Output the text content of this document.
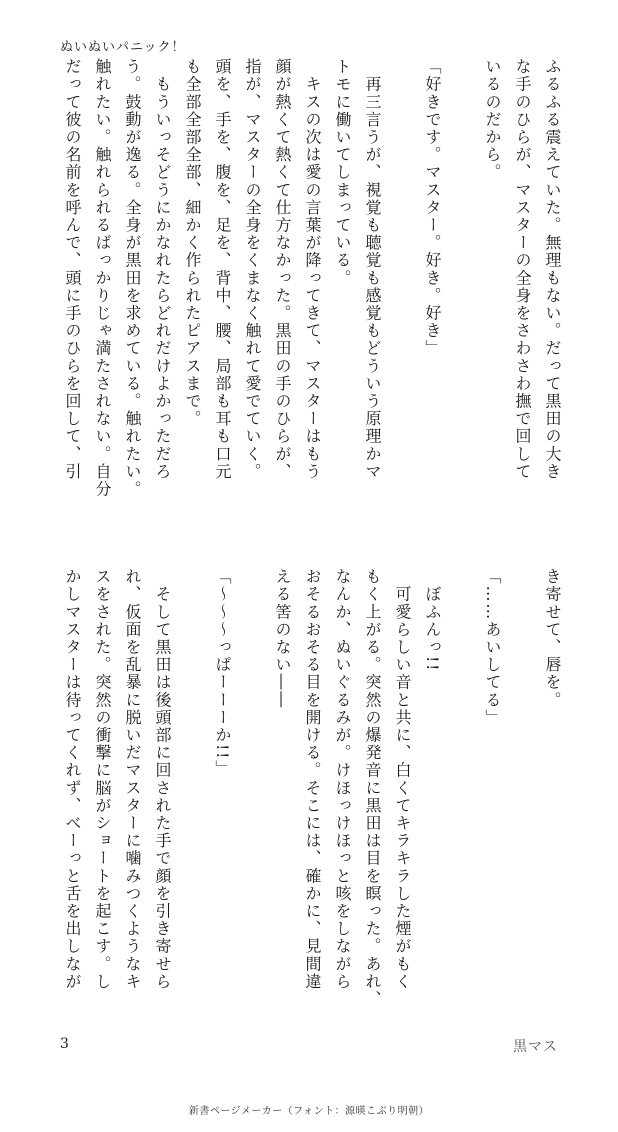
ぬいぬいパニック！
ふるふる震えていた。無理もない。だって黒田の大き
な手のひらが、マスターの全身をさわさわ撫で回して
いるのだから。
「好きです。マスター。好き。好き」
　再三言うが、視覚も聴覚も感覚もどういう原理かマ
トモに働いてしまっている。
　キスの次は愛の言葉が降ってきて、マスターはもう
顔が熱くて熱くて仕方なかった。黒田の手のひらが、
指が、マスターの全身をくまなく触れて愛でていく。
頭を、手を、腹を、足を、背中、腰、局部も耳も口元
も全部全部全部、細かく作られたピアスまで。
　もういっそどうにかなれたらどれだけよかっただろ
う。鼓動が逸る。全身が黒田を求めている。触れたい。
触れたい。触れられるばっかりじゃ満たされない。自分
だって彼の名前を呼んで、頭に手のひらを回して、引
き寄せて、唇を。
「……あいしてる」
　ぼふんっ!!
　可愛らしい音と共に、白くてキラキラした煙がもく
もく上がる。突然の爆発音に黒田は目を瞑った。あれ、
なんか、ぬいぐるみが。けほっけほっと咳をしながら
おそるおそる目を開ける。そこには、確かに、見間違
える筈のない――
「～～～っぱーーーか!!」
　そして黒田は後頭部に回された手で顔を引き寄せら
れ、仮面を乱暴に脱いだマスターに噛みつくようなキ
スをされた。突然の衝撃に脳がショートを起こす。し
かしマスターは待ってくれず、べーっと舌を出しなが
3	黒マス
新書ページメーカー（フォント：源暎こぶり明朝）
